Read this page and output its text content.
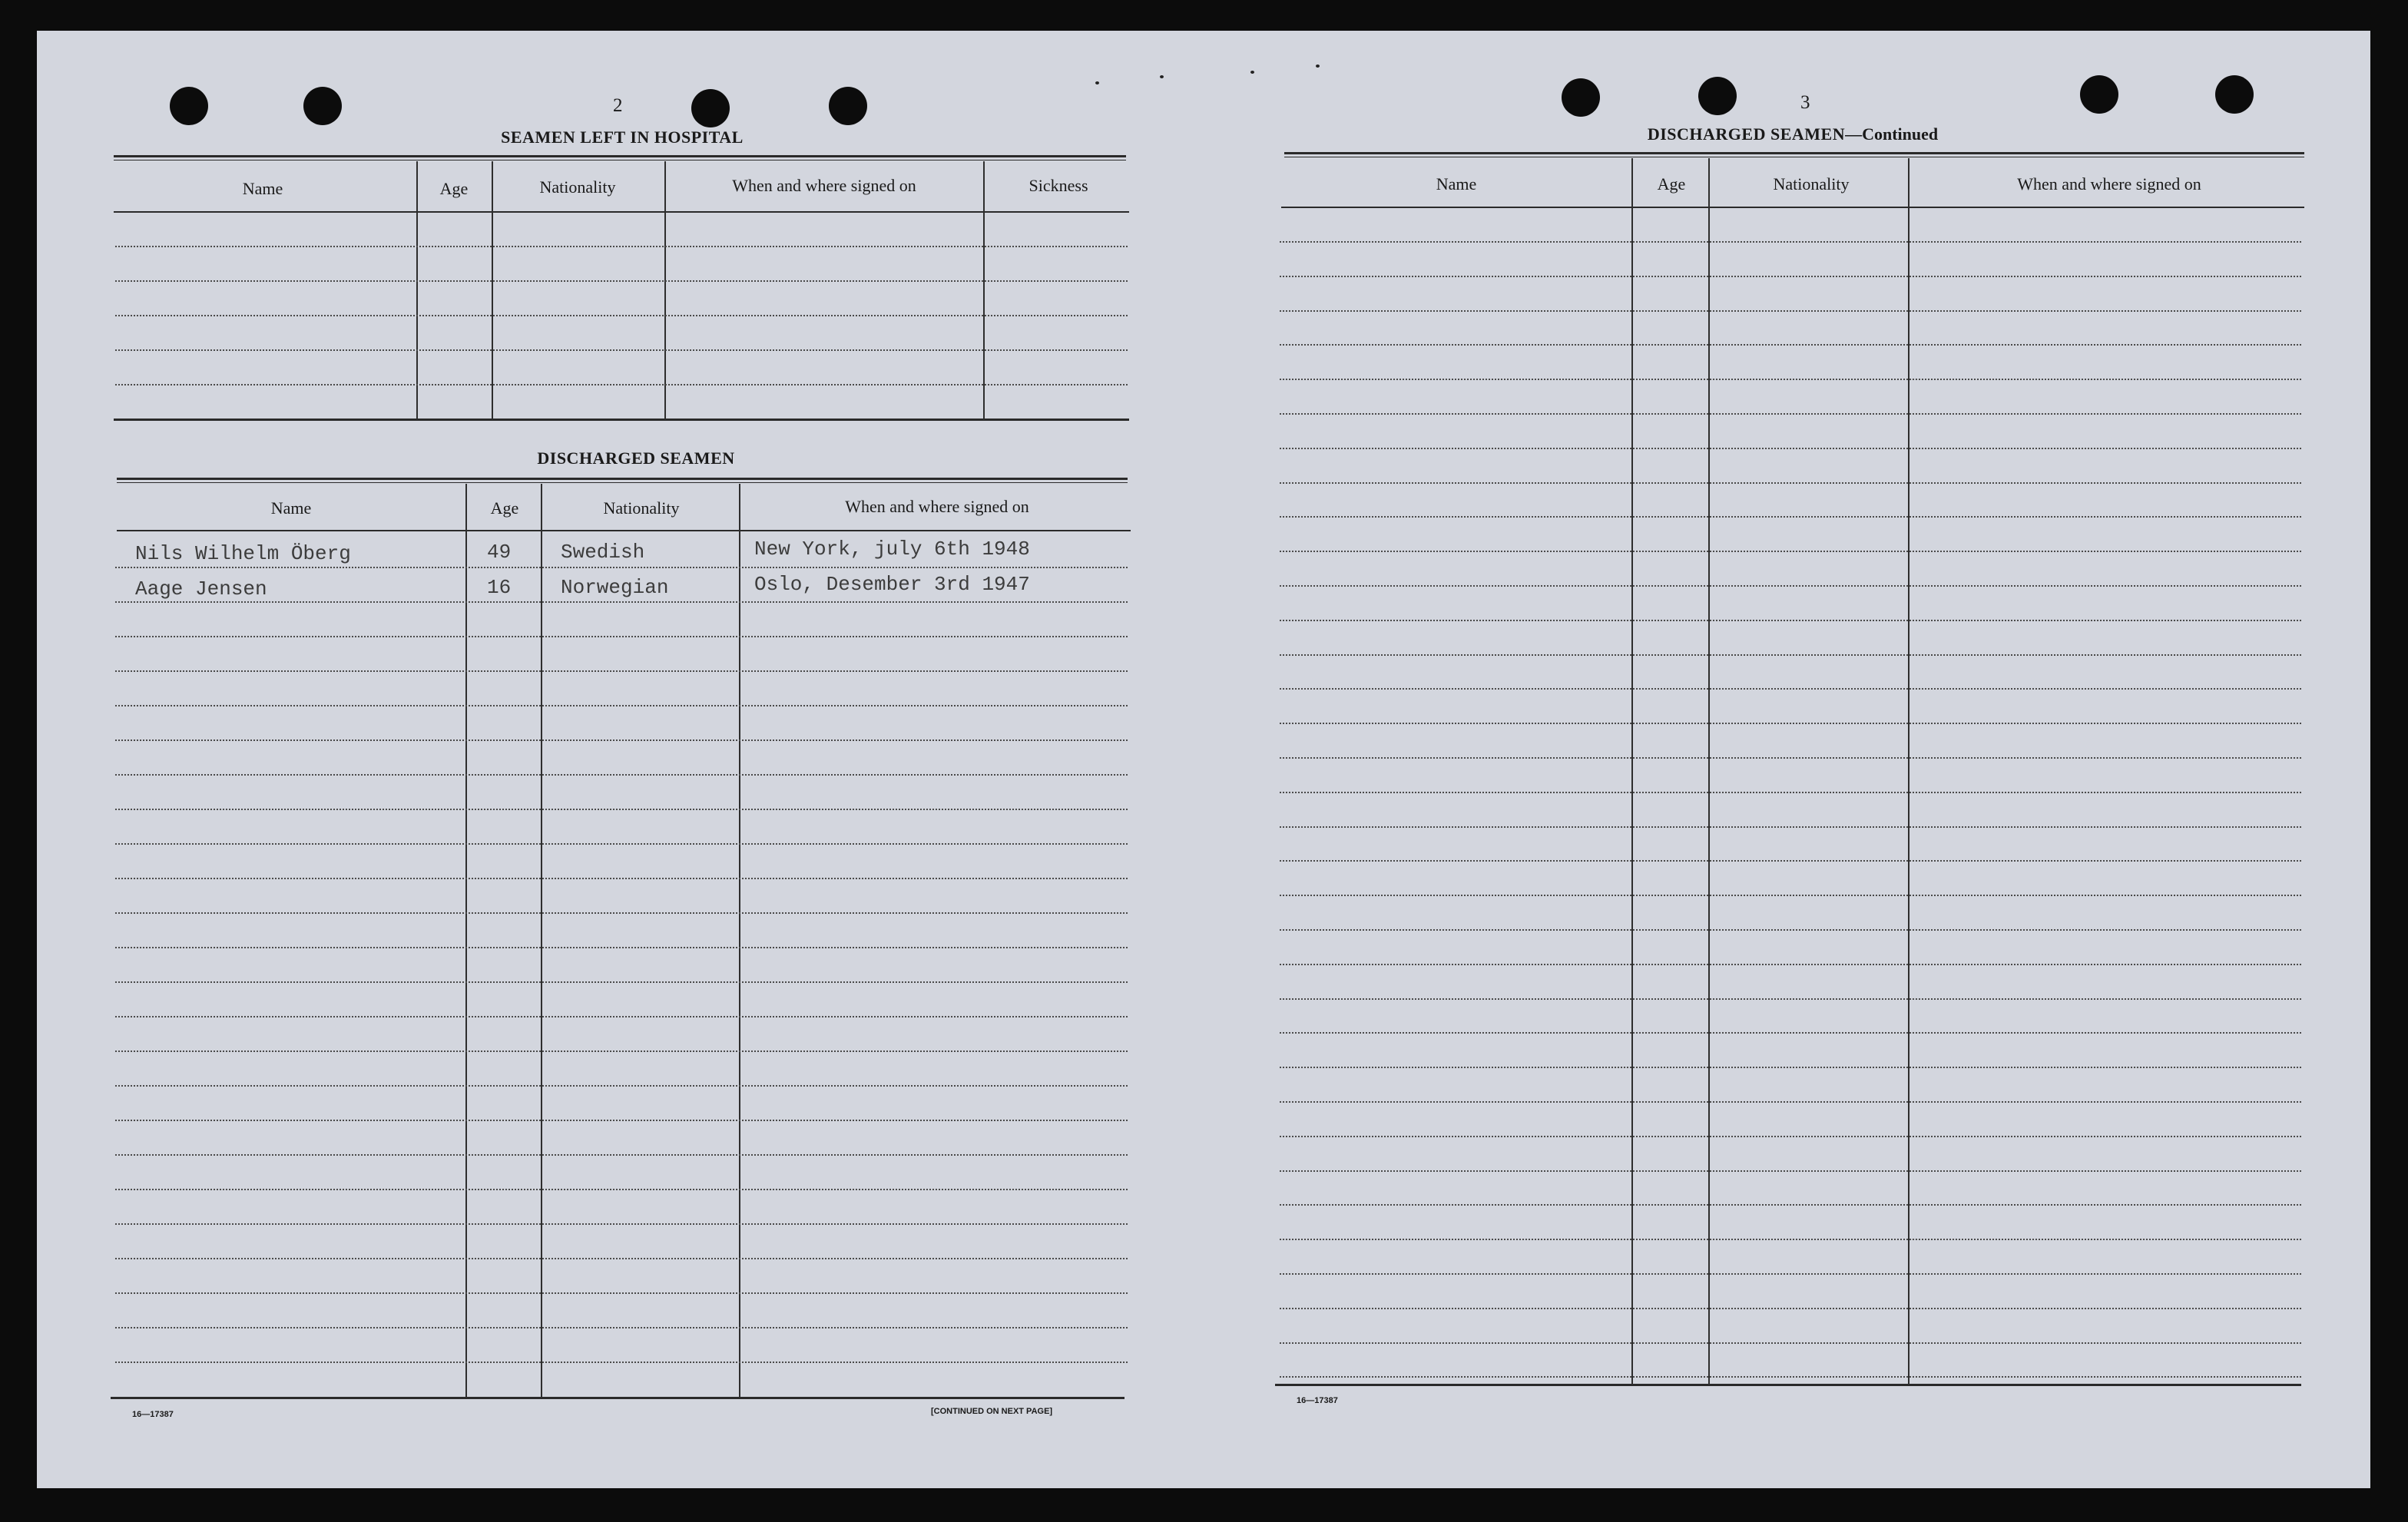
2
SEAMEN LEFT IN HOSPITAL
Name	Age	Nationality	When and where signed on	Sickness
DISCHARGED SEAMEN
Name	Age	Nationality	When and where signed on
Nils Wilhelm Öberg	49 Swedish	New York, july 6th 1948
Aage Jensen	16 Norwegian	Oslo, Desember 3rd 1947
16—17387	[CONTINUED ON NEXT PAGE]
3
DISCHARGED SEAMEN—Continued
Name	Age	Nationality	When and where signed on
16—17387
